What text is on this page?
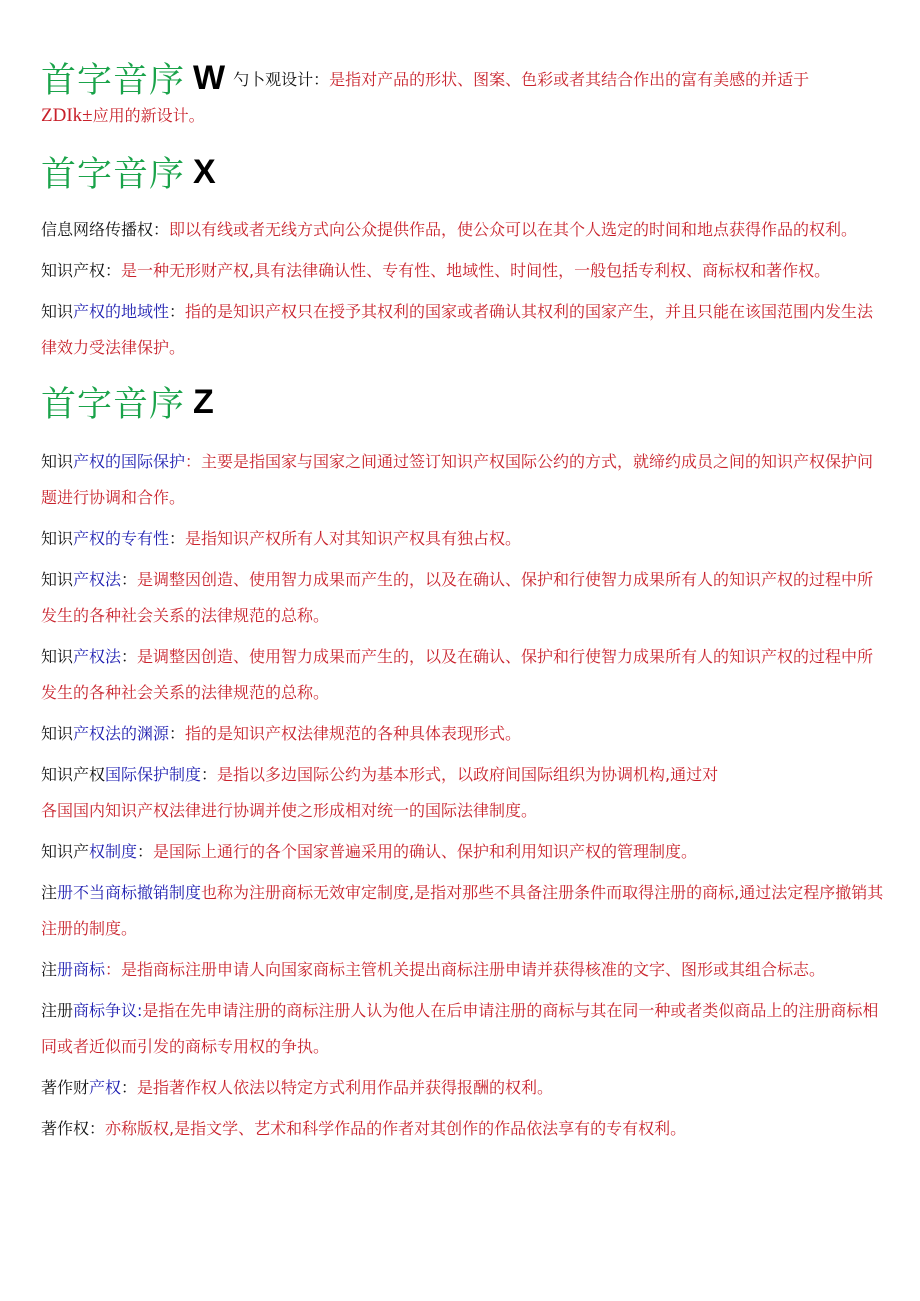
首字音序 W 勺卜观设计：是指对产品的形状、图案、色彩或者其结合作出的富有美感的并适于

ZDIk±应用的新设计。

首字音序 X

信息网络传播权：即以有线或者无线方式向公众提供作品，使公众可以在其个人选定的时间和地点获得作品的权利。

知识产权：是一种无形财产权,具有法律确认性、专有性、地域性、时间性，一般包括专利权、商标权和著作权。

知识产权的地域性：指的是知识产权只在授予其权利的国家或者确认其权利的国家产生，并且只能在该国范围内发生法律效力受法律保护。

首字音序 Z

知识产权的国际保护：主要是指国家与国家之间通过签订知识产权国际公约的方式，就缔约成员之间的知识产权保护问题进行协调和合作。

知识产权的专有性：是指知识产权所有人对其知识产权具有独占权。

知识产权法：是调整因创造、使用智力成果而产生的，以及在确认、保护和行使智力成果所有人的知识产权的过程中所发生的各种社会关系的法律规范的总称。

知识产权法：是调整因创造、使用智力成果而产生的，以及在确认、保护和行使智力成果所有人的知识产权的过程中所发生的各种社会关系的法律规范的总称。

知识产权法的渊源：指的是知识产权法律规范的各种具体表现形式。

知识产权国际保护制度：是指以多边国际公约为基本形式，以政府间国际组织为协调机构,通过对
各国国内知识产权法律进行协调并使之形成相对统一的国际法律制度。

知识产权制度：是国际上通行的各个国家普遍采用的确认、保护和利用知识产权的管理制度。

注册不当商标撤销制度也称为注册商标无效审定制度,是指对那些不具备注册条件而取得注册的商标,通过法定程序撤销其注册的制度。

注册商标：是指商标注册申请人向国家商标主管机关提出商标注册申请并获得核准的文字、图形或其组合标志。

注册商标争议:是指在先申请注册的商标注册人认为他人在后申请注册的商标与其在同一种或者类似商品上的注册商标相同或者近似而引发的商标专用权的争执。

著作财产权：是指著作权人依法以特定方式利用作品并获得报酬的权利。

著作权：亦称版权,是指文学、艺术和科学作品的作者对其创作的作品依法享有的专有权利。
